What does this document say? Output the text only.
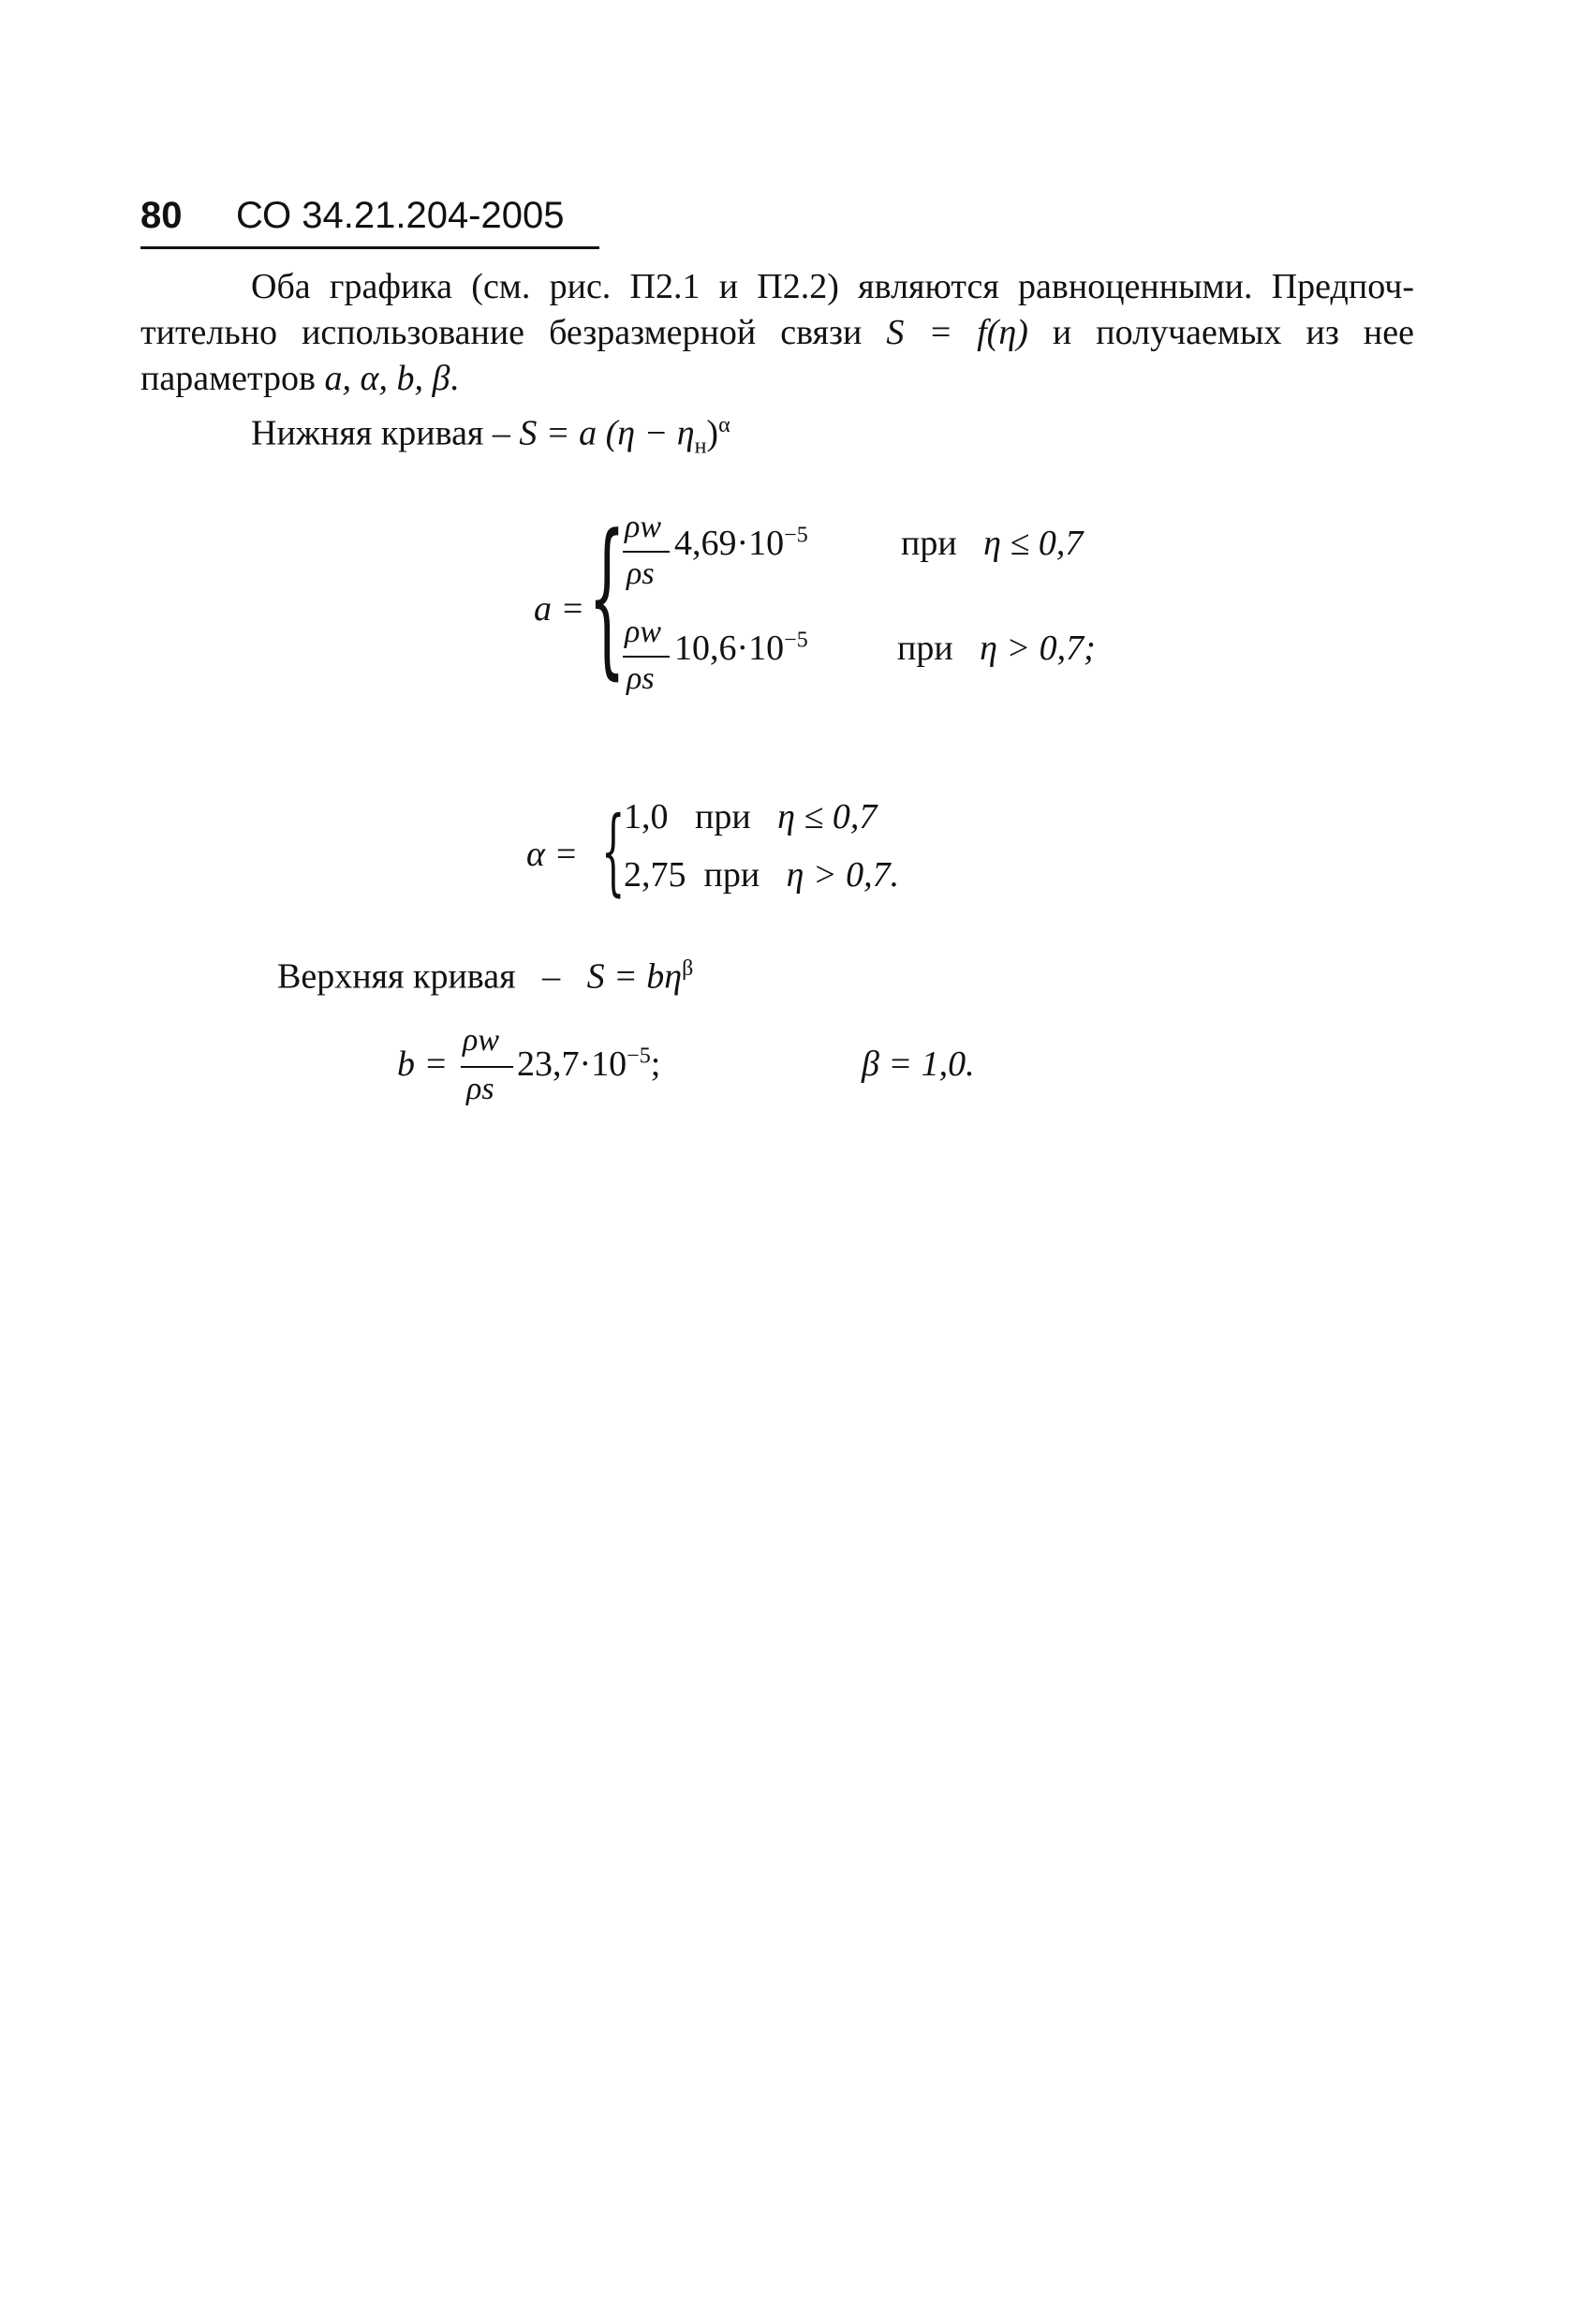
80 СО 34.21.204-2005
Оба графика (см. рис. П2.1 и П2.2) являются равноценными. Предпоч-
тительно использование безразмерной связи S = f(η) и получаемых из нее
параметров a, α, b, β.
Нижняя кривая – S = a $(\eta - \eta_н)^\alpha$
a = {
ρw
ρs
$4,69\cdot 10^{-5}$	при η ≤ 0,7
ρw
ρs
$10,6\cdot 10^{-5}$	при η > 0,7;
α = {
1,0 при η ≤ 0,7
2,75 при η > 0,7.
Верхняя кривая – $S = b\eta^\beta$
b =
ρw
ρs
$23,7\cdot 10^{-5}$;	β = 1,0.
